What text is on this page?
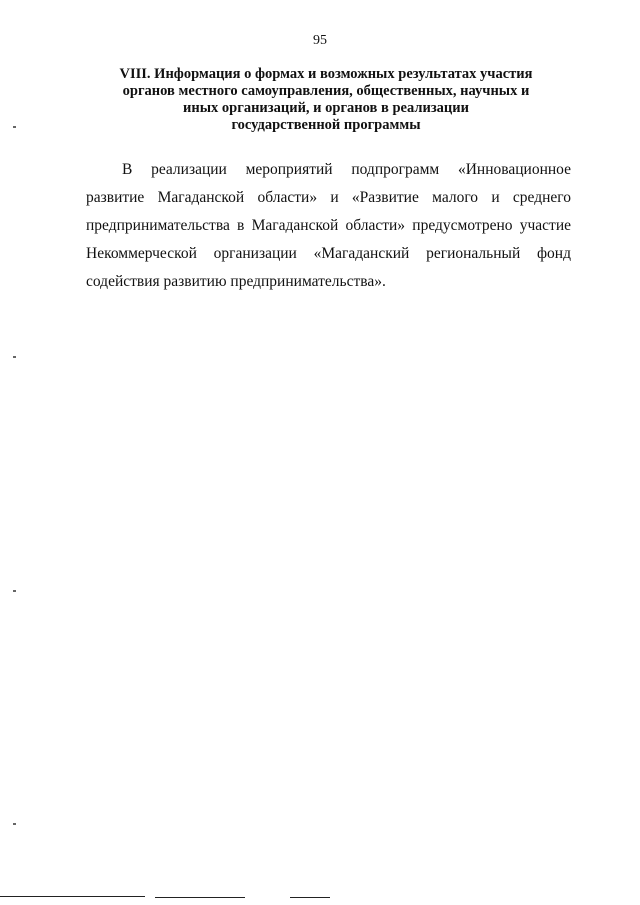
95
VIII. Информация о формах и возможных результатах участия
органов местного самоуправления, общественных, научных и
иных организаций, и органов в реализации
государственной программы

В реализации мероприятий подпрограмм «Инновационное развитие Магаданской области» и «Развитие малого и среднего предпринимательства в Магаданской области» предусмотрено участие Некоммерческой организации «Магаданский региональный фонд содействия развитию предпринимательства».
